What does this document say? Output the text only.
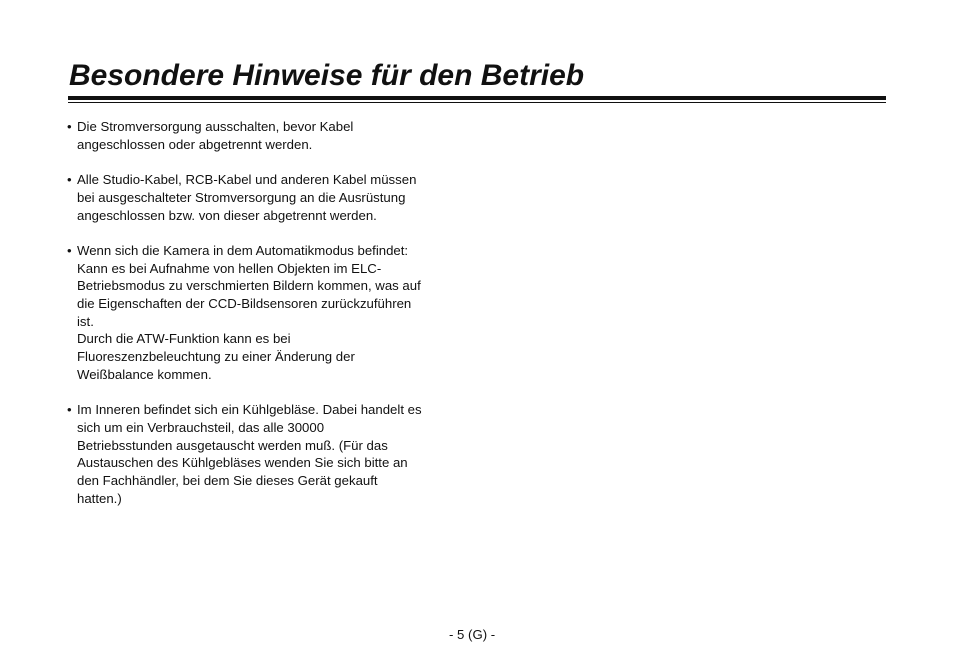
Besondere Hinweise für den Betrieb
• Die Stromversorgung ausschalten, bevor Kabel
angeschlossen oder abgetrennt werden.
• Alle Studio-Kabel, RCB-Kabel und anderen Kabel müssen
bei ausgeschalteter Stromversorgung an die Ausrüstung
angeschlossen bzw. von dieser abgetrennt werden.
• Wenn sich die Kamera in dem Automatikmodus befindet:
Kann es bei Aufnahme von hellen Objekten im ELC-
Betriebsmodus zu verschmierten Bildern kommen, was auf
die Eigenschaften der CCD-Bildsensoren zurückzuführen
ist.
Durch die ATW-Funktion kann es bei
Fluoreszenzbeleuchtung zu einer Änderung der
Weißbalance kommen.
• Im Inneren befindet sich ein Kühlgebläse. Dabei handelt es
sich um ein Verbrauchsteil, das alle 30000
Betriebsstunden ausgetauscht werden muß. (Für das
Austauschen des Kühlgebläses wenden Sie sich bitte an
den Fachhändler, bei dem Sie dieses Gerät gekauft
hatten.)

- 5 (G) -
